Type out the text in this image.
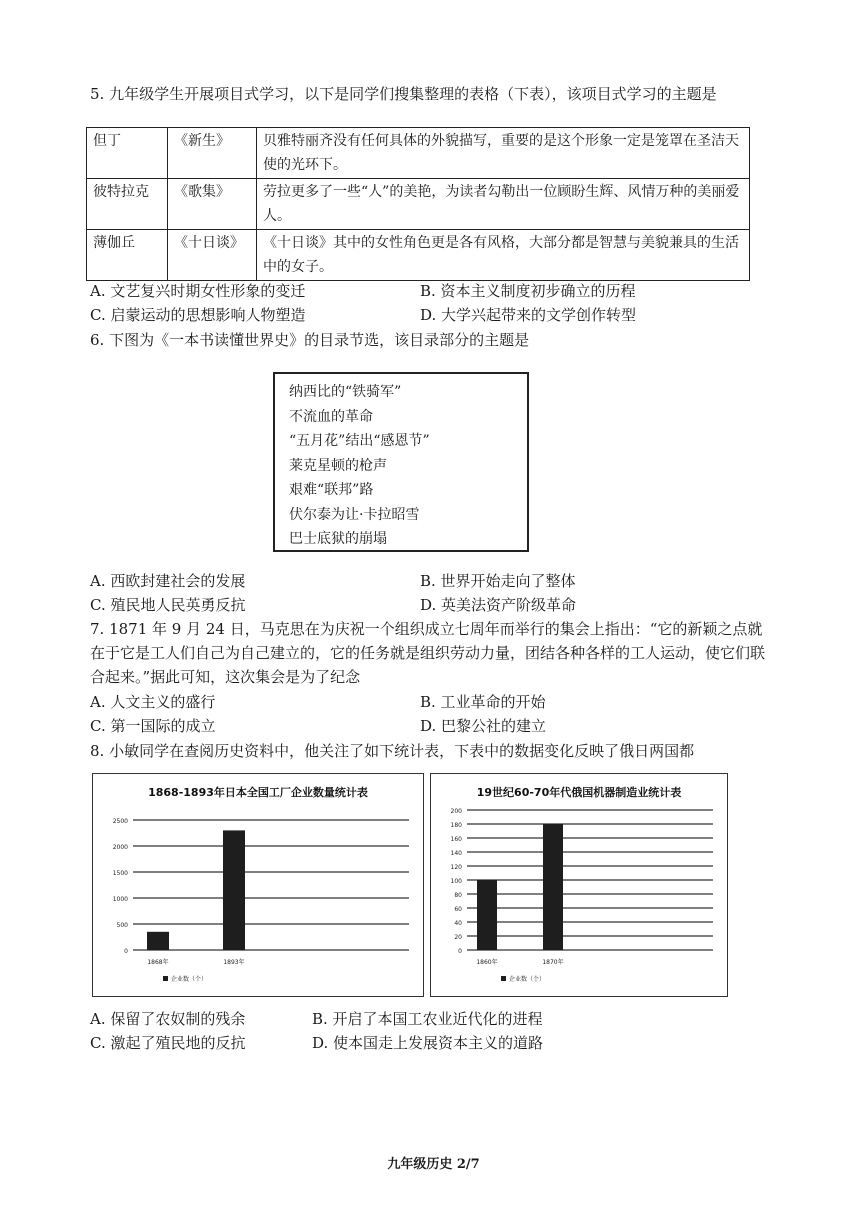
5. 九年级学生开展项目式学习，以下是同学们搜集整理的表格（下表），该项目式学习的主题是
但丁	《新生》	贝雅特丽齐没有任何具体的外貌描写，重要的是这个形象一定是笼罩在圣洁天使的光环下。
彼特拉克	《歌集》	劳拉更多了一些“人”的美艳，为读者勾勒出一位顾盼生辉、风情万种的美丽爱人。
薄伽丘	《十日谈》	《十日谈》其中的女性角色更是各有风格，大部分都是智慧与美貌兼具的生活中的女子。
A. 文艺复兴时期女性形象的变迁	B. 资本主义制度初步确立的历程
C. 启蒙运动的思想影响人物塑造	D. 大学兴起带来的文学创作转型
6. 下图为《一本书读懂世界史》的目录节选，该目录部分的主题是
纳西比的“铁骑军”
不流血的革命
“五月花”结出“感恩节”
莱克星顿的枪声
艰难“联邦”路
伏尔泰为让·卡拉昭雪
巴士底狱的崩塌
A. 西欧封建社会的发展	B. 世界开始走向了整体
C. 殖民地人民英勇反抗	D. 英美法资产阶级革命
7. 1871 年 9 月 24 日，马克思在为庆祝一个组织成立七周年而举行的集会上指出：“它的新颖之点就在于它是工人们自己为自己建立的，它的任务就是组织劳动力量，团结各种各样的工人运动，使它们联合起来。”据此可知，这次集会是为了纪念
A. 人文主义的盛行	B. 工业革命的开始
C. 第一国际的成立	D. 巴黎公社的建立
8. 小敏同学在查阅历史资料中，他关注了如下统计表，下表中的数据变化反映了俄日两国都
1868-1893年日本全国工厂企业数量统计表
0
500
1000
1500
2000
2500
1868年	1893年
企业数（个）
19世纪60-70年代俄国机器制造业统计表
0
20
40
60
80
100
120
140
160
180
200
1860年	1870年
企业数（个）
A. 保留了农奴制的残余	B. 开启了本国工农业近代化的进程
C. 激起了殖民地的反抗	D. 使本国走上发展资本主义的道路
九年级历史 2/7
